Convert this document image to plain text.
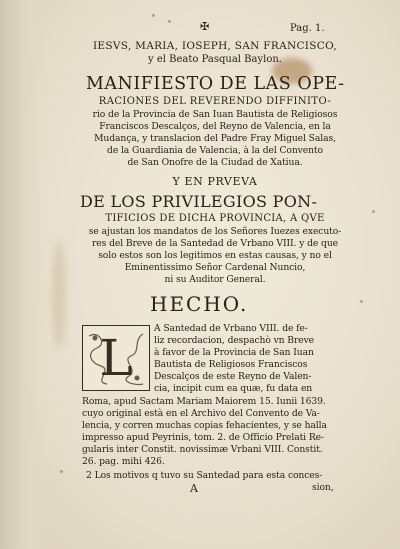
✠	Pag. 1.
IESVS, MARIA, IOSEPH, SAN FRANCISCO,
y el Beato Pasqual Baylon.
MANIFIESTO DE LAS OPE-
RACIONES DEL REVERENDO DIFFINITO-
rio de la Provincia de San Iuan Bautista de Religiosos
Franciscos Descalços, del Reyno de Valencia, en la
Mudança, y translacion del Padre Fray Miguel Salas,
de la Guardiania de Valencia, à la del Convento
de San Onofre de la Ciudad de Xatiua.
Y EN PRVEVA
DE LOS PRIVILEGIOS PON-
TIFICIOS DE DICHA PROVINCIA, A QVE
se ajustan los mandatos de los Señores Iuezes executo-
res del Breve de la Santedad de Vrbano VIII. y de que
solo estos son los legitimos en estas causas, y no el
Eminentissimo Señor Cardenal Nuncio,
ni su Auditor General.
HECHO.
L
A Santedad de Vrbano VIII. de fe-
liz recordacion, despachò vn Breve
à favor de la Provincia de San Iuan
Bautista de Religiosos Franciscos
Descalços de este Reyno de Valen-
cia, incipit cum ea quæ, fu data en
Roma, apud Sactam Mariam Maiorem 15. Iunii 1639.
cuyo original està en el Archivo del Convento de Va-
lencia, y corren muchas copias fehacientes, y se halla
impresso apud Peyrinis, tom. 2. de Officio Prelati Re-
gularis inter Constit. novissimæ Vrbani VIII. Constit.
26. pag. mihi 426.
2 Los motivos q tuvo su Santedad para esta conces-
A	sion,
